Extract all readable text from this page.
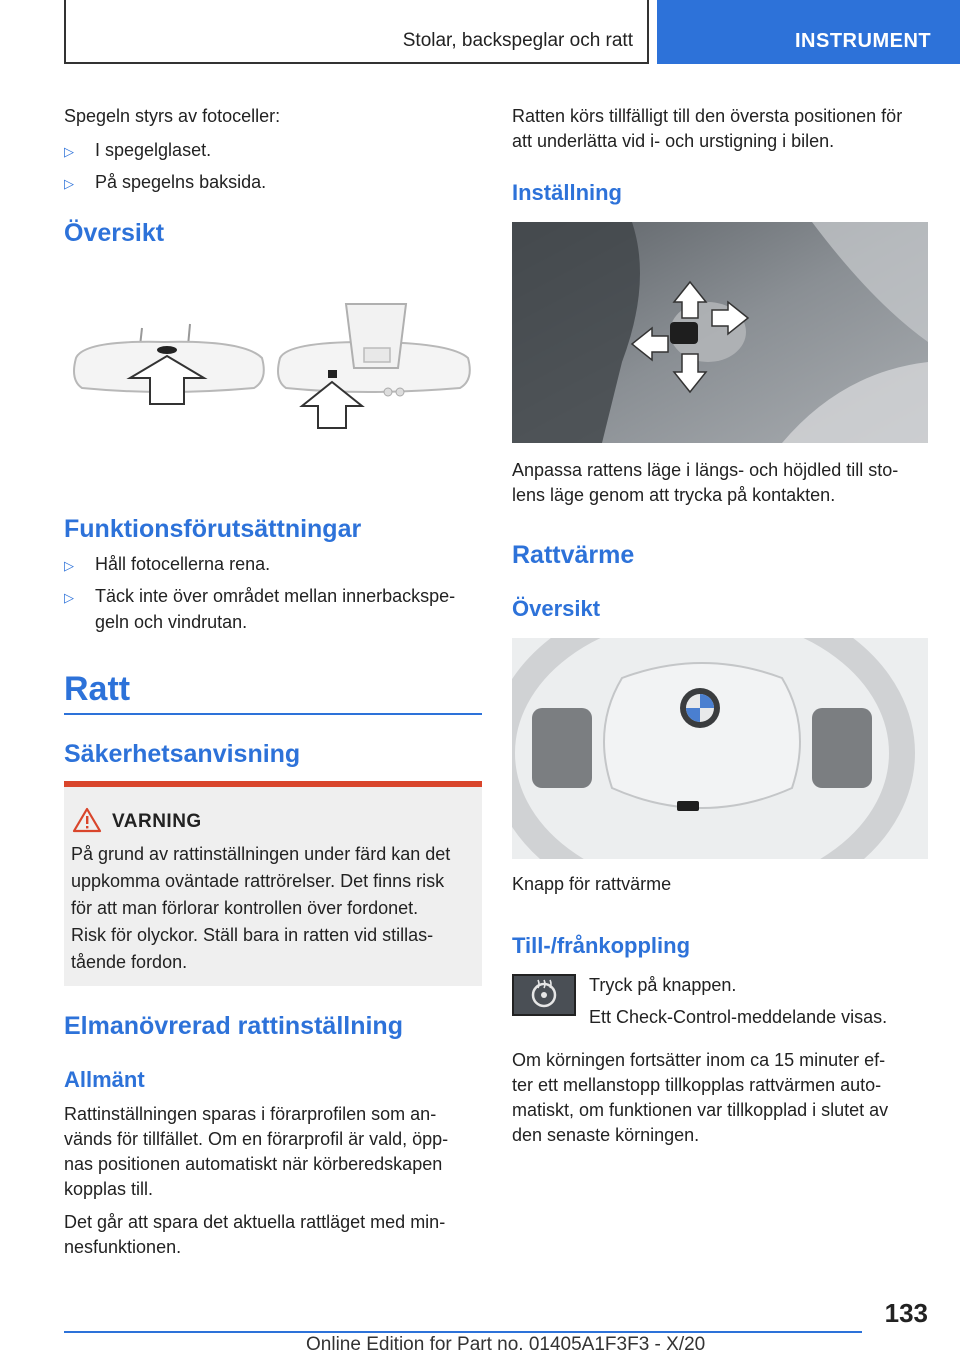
Stolar, backspeglar och ratt	INSTRUMENT
Spegeln styrs av fotoceller:
▷ I spegelglaset.
▷ På spegelns baksida.
Översikt
Funktionsförutsättningar
▷ Håll fotocellerna rena.
▷ Täck inte över området mellan innerbackspe-
geln och vindrutan.
Ratt
Säkerhetsanvisning
VARNING
På grund av rattinställningen under färd kan det
uppkomma oväntade rattrörelser. Det finns risk
för att man förlorar kontrollen över fordonet.
Risk för olyckor. Ställ bara in ratten vid stillas-
tående fordon.
Elmanövrerad rattinställning
Allmänt
Rattinställningen sparas i förarprofilen som an-
vänds för tillfället. Om en förarprofil är vald, öpp-
nas positionen automatiskt när körberedskapen
kopplas till.
Det går att spara det aktuella rattläget med min-
nesfunktionen.
Ratten körs tillfälligt till den översta positionen för
att underlätta vid i- och urstigning i bilen.
Inställning
Anpassa rattens läge i längs- och höjdled till sto-
lens läge genom att trycka på kontakten.
Rattvärme
Översikt
Knapp för rattvärme
Till-/frånkoppling
Tryck på knappen.
Ett Check-Control-meddelande visas.
Om körningen fortsätter inom ca 15 minuter ef-
ter ett mellanstopp tillkopplas rattvärmen auto-
matiskt, om funktionen var tillkopplad i slutet av
den senaste körningen.
133
Online Edition for Part no. 01405A1F3F3 - X/20
